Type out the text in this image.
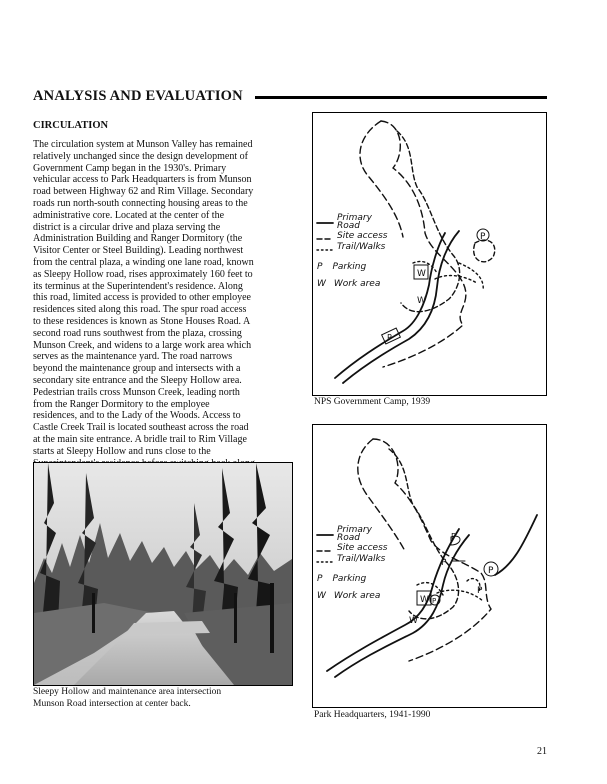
ANALYSIS AND EVALUATION
CIRCULATION
The circulation system at Munson Valley has remained
relatively unchanged since the design development of
Government Camp began in the 1930's. Primary
vehicular access to Park Headquarters is from Munson
road between Highway 62 and Rim Village. Secondary
roads run north-south connecting housing areas to the
administrative core. Located at the center of the
district is a circular drive and plaza serving the
Administration Building and Ranger Dormitory (the
Visitor Center or Steel Building). Leading northwest
from the central plaza, a winding one lane road, known
as Sleepy Hollow road, rises approximately 160 feet to
its terminus at the Superintendent's residence. Along
this road, limited access is provided to other employee
residences sited along this road. The spur road access
to these residences is known as Stone Houses Road. A
second road runs southwest from the plaza, crossing
Munson Creek, and widens to a large work area which
serves as the maintenance yard. The road narrows
beyond the maintenance group and intersects with a
secondary site entrance and the Sleepy Hollow area.
Pedestrian trails cross Munson Creek, leading north
from the Ranger Dormitory to the employee
residences, and to the Lady of the Woods. Access to
Castle Creek Trail is located southeast across the road
at the main site entrance. A bridle trail to Rim Village
starts at Sleepy Hollow and runs close to the
Sleepy Hollow and maintenance area intersection
Munson Road intersection at center back.
P
W
P
W
Primary
Road
Site access
Trail/Walks
P Parking
W Work area
NPS Government Camp, 1939
P
P
P
P
W P
W
Primary
Road
Site access
Trail/Walks
P Parking
W Work area
Park Headquarters, 1941-1990
21
